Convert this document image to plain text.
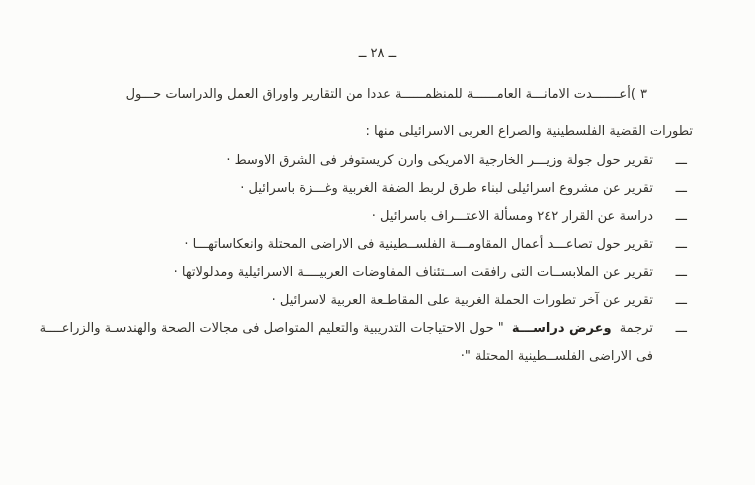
ــ ٢٨ ــ
( ٣أعـــــــدت الامانـــة العامــــــة للمنظمــــــة عددا من التقارير واوراق العمل والدراسات حـــول
تطورات القضية الفلسطينية والصراع العربى الاسرائيلى منها :
ـــ
تقرير حول جولة وزيـــر الخارجية الامريكى وارن كريستوفر فى الشرق الاوسط ·
ـــ
تقرير عن مشروع اسرائيلى لبناء طرق لربط الضفة الغربية وغـــزة باسرائيل ·
ـــ
دراسة عن القرار ٢٤٢ ومسألة الاعتـــراف باسرائيل ·
ـــ
تقرير حول تصاعـــد أعمال المقاومـــة الفلســطينية فى الاراضى المحتلة وانعكاساتهـــا ·
ـــ
تقرير عن الملابســات التى رافقت اســتئناف المفاوضات العربيــــة الاسرائيلية ومدلولاتها ·
ـــ
تقرير عن آخر تطورات الحملة الغربية على المقاطـعة العربية لاسرائيل ·
ـــ
ترجمة وعرض دراســـة " حول الاحتياجات التدريبية والتعليم المتواصل فى مجالات الصحة والهندسـة والزراعــــة
فى الاراضى الفلســطينية المحتلة "·
